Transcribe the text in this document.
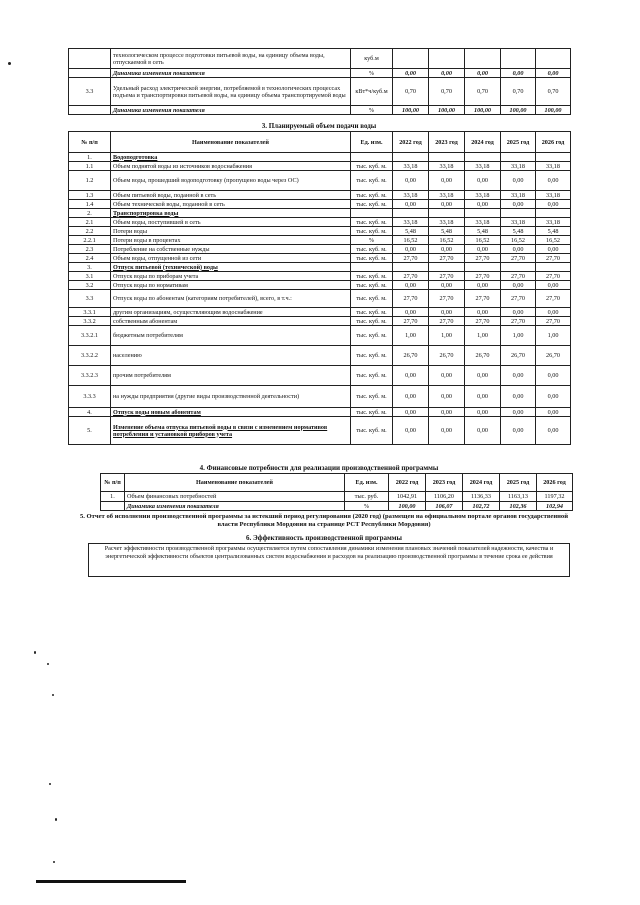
	технологическом процессе подготовки питьевой воды, на единицу объема воды, отпускаемой в сеть	куб.м					
	Динамика изменения показателя	%	0,00	0,00	0,00	0,00	0,00
3.3	Удельный расход электрической энергии, потребляемой в технологических процессах подъема и транспортировки питьевой воды, на единицу объема транспортируемой воды	кВт*ч/куб.м	0,70	0,70	0,70	0,70	0,70
	Динамика изменения показателя	%	100,00	100,00	100,00	100,00	100,00
3. Планируемый объем подачи воды
№ п/п	Наименование показателей	Ед. изм.	2022 год	2023 год	2024 год	2025 год	2026 год
1.	Водоподготовка						
1.1	Объем поднятой воды из источников водоснабжения	тыс. куб. м.	33,18	33,18	33,18	33,18	33,18
1.2	Объем воды, прошедший водоподготовку (пропущено воды через ОС)	тыс. куб. м.	0,00	0,00	0,00	0,00	0,00
1.3	Объем питьевой воды, поданной в сеть	тыс. куб. м.	33,18	33,18	33,18	33,18	33,18
1.4	Объем технической воды, поданной в сеть	тыс. куб. м.	0,00	0,00	0,00	0,00	0,00
2.	Транспортировка воды						
2.1	Объем воды, поступившей в сеть	тыс. куб. м.	33,18	33,18	33,18	33,18	33,18
2.2	Потери воды	тыс. куб. м.	5,48	5,48	5,48	5,48	5,48
2.2.1	Потери воды в процентах	%	16,52	16,52	16,52	16,52	16,52
2.3	Потребление на собственные нужды	тыс. куб. м.	0,00	0,00	0,00	0,00	0,00
2.4	Объем воды, отпущенной из сети	тыс. куб. м.	27,70	27,70	27,70	27,70	27,70
3.	Отпуск питьевой (технической) воды						
3.1	Отпуск воды по приборам учета	тыс. куб. м.	27,70	27,70	27,70	27,70	27,70
3.2	Отпуск воды по нормативам	тыс. куб. м.	0,00	0,00	0,00	0,00	0,00
3.3	Отпуск воды по абонентам (категориям потребителей), всего, в т.ч.:	тыс. куб. м.	27,70	27,70	27,70	27,70	27,70
3.3.1	другим организациям, осуществляющим водоснабжение	тыс. куб. м.	0,00	0,00	0,00	0,00	0,00
3.3.2	собственным абонентам	тыс. куб. м.	27,70	27,70	27,70	27,70	27,70
3.3.2.1	бюджетным потребителям	тыс. куб. м.	1,00	1,00	1,00	1,00	1,00
3.3.2.2	населению	тыс. куб. м.	26,70	26,70	26,70	26,70	26,70
3.3.2.3	прочим потребителям	тыс. куб. м.	0,00	0,00	0,00	0,00	0,00
3.3.3	на нужды предприятия (другие виды производственной деятельности)	тыс. куб. м.	0,00	0,00	0,00	0,00	0,00
4.	Отпуск воды новым абонентам	тыс. куб. м.	0,00	0,00	0,00	0,00	0,00
5.	Изменение объема отпуска питьевой воды в связи с изменением нормативов потребления и установкой приборов учета	тыс. куб. м.	0,00	0,00	0,00	0,00	0,00
4. Финансовые потребности для реализации производственной программы
№ п/п	Наименование показателей	Ед. изм.	2022 год	2023 год	2024 год	2025 год	2026 год
1.	Объем финансовых потребностей	тыс. руб.	1042,91	1106,20	1136,33	1163,13	1197,32
	Динамика изменения показателя	%	100,00	106,07	102,72	102,36	102,94
5. Отчет об исполнении производственной программы за истекший период регулирования (2020 год) (размещен на официальном портале органов государственной власти Республики Мордовия на странице РСТ Республики Мордовия)
6. Эффективность производственной программы
Расчет эффективности производственной программы осуществляется путем сопоставления динамики изменения плановых значений показателей надежности, качества и энергетической эффективности объектов централизованных систем водоснабжения и расходов на реализацию производственной программы в течение срока ее действия
